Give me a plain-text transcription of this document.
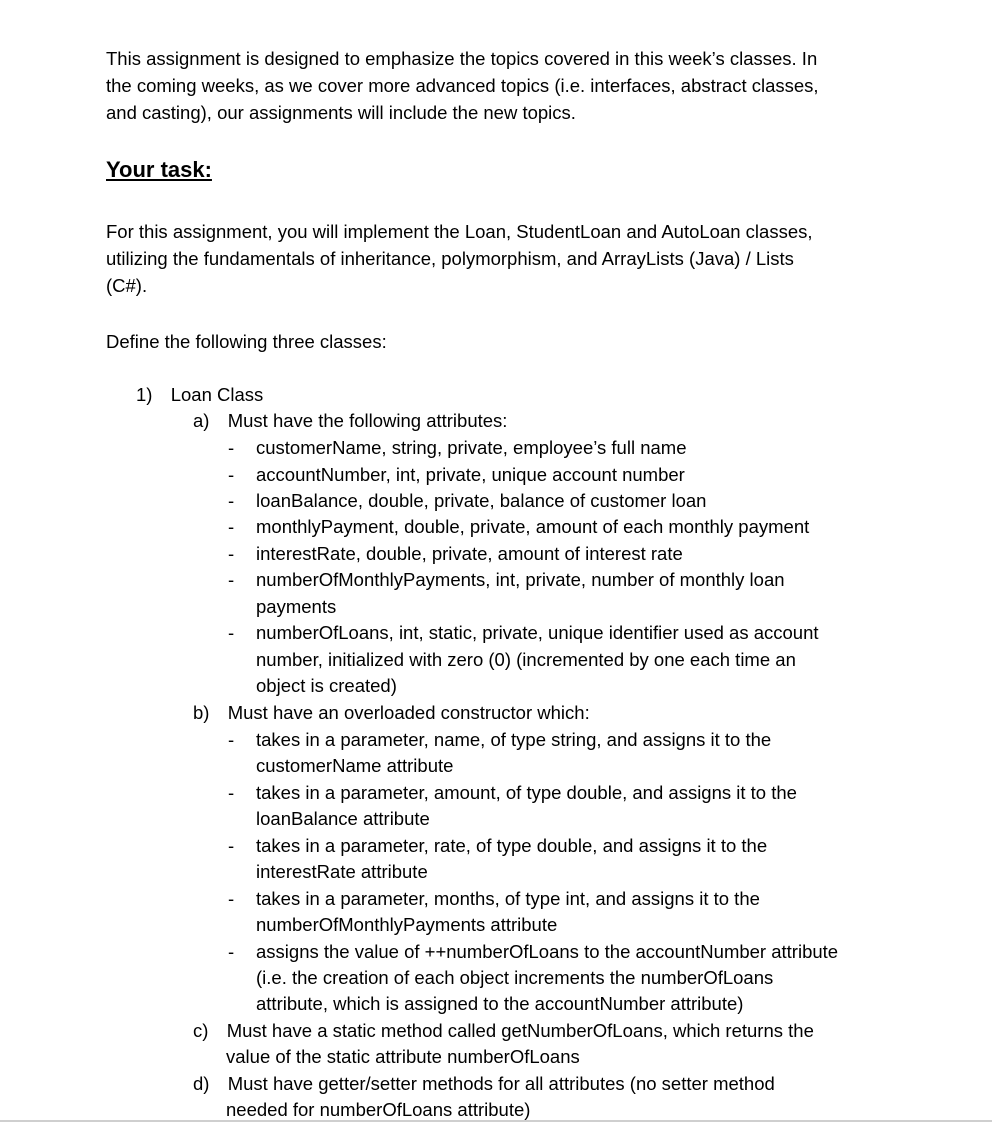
This assignment is designed to emphasize the topics covered in this week’s classes. In
the coming weeks, as we cover more advanced topics (i.e. interfaces, abstract classes,
and casting), our assignments will include the new topics.
Your task:
For this assignment, you will implement the Loan, StudentLoan and AutoLoan classes,
utilizing the fundamentals of inheritance, polymorphism, and ArrayLists (Java) / Lists
(C#).
Define the following three classes:
1) Loan Class
a) Must have the following attributes:
- customerName, string, private, employee’s full name
- accountNumber, int, private, unique account number
- loanBalance, double, private, balance of customer loan
- monthlyPayment, double, private, amount of each monthly payment
- interestRate, double, private, amount of interest rate
- numberOfMonthlyPayments, int, private, number of monthly loan
payments
- numberOfLoans, int, static, private, unique identifier used as account
number, initialized with zero (0) (incremented by one each time an
object is created)
b) Must have an overloaded constructor which:
- takes in a parameter, name, of type string, and assigns it to the
customerName attribute
- takes in a parameter, amount, of type double, and assigns it to the
loanBalance attribute
- takes in a parameter, rate, of type double, and assigns it to the
interestRate attribute
- takes in a parameter, months, of type int, and assigns it to the
numberOfMonthlyPayments attribute
- assigns the value of ++numberOfLoans to the accountNumber attribute
(i.e. the creation of each object increments the numberOfLoans
attribute, which is assigned to the accountNumber attribute)
c) Must have a static method called getNumberOfLoans, which returns the
value of the static attribute numberOfLoans
d) Must have getter/setter methods for all attributes (no setter method
needed for numberOfLoans attribute)
